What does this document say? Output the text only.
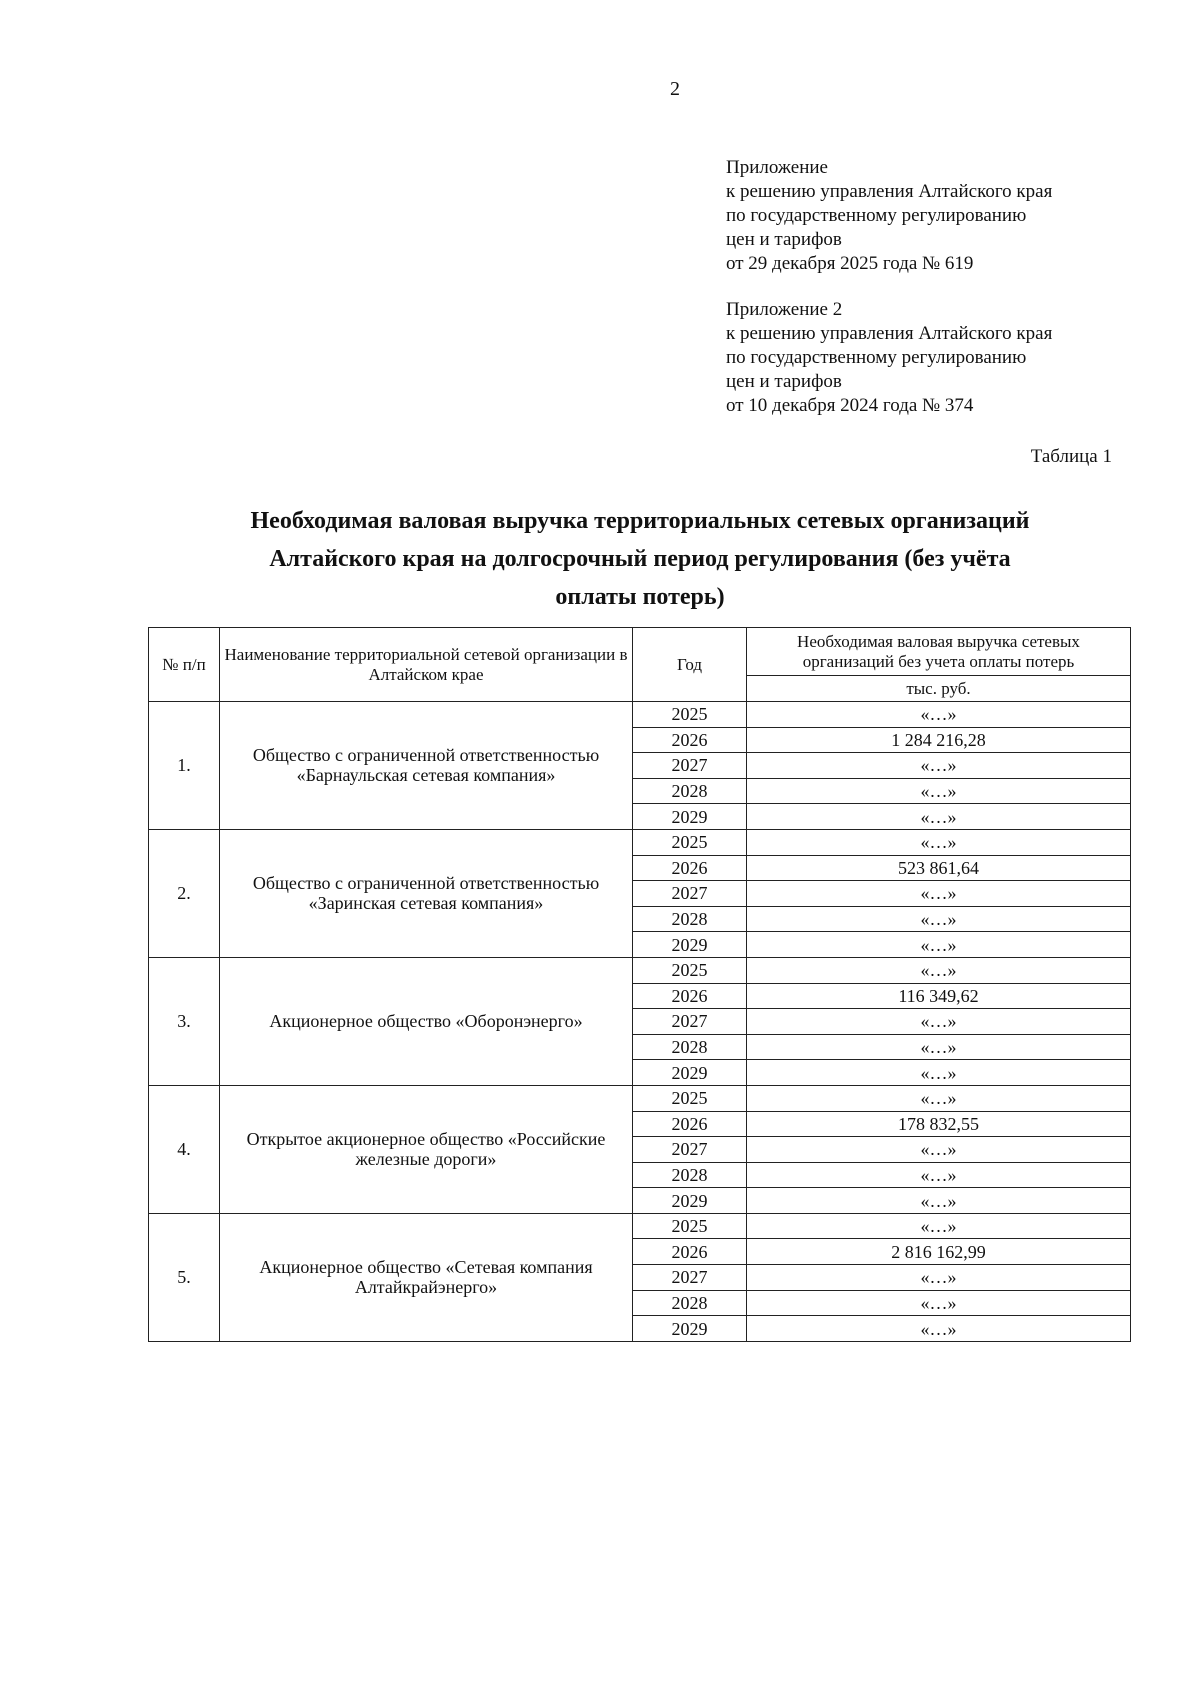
2
Приложение
к решению управления Алтайского края
по государственному регулированию
цен и тарифов
от 29 декабря 2025 года № 619
Приложение 2
к решению управления Алтайского края
по государственному регулированию
цен и тарифов
от 10 декабря 2024 года № 374
Таблица 1
Необходимая валовая выручка территориальных сетевых организаций
Алтайского края на долгосрочный период регулирования (без учёта
оплаты потерь)
№ п/п	Наименование территориальной сетевой организации в Алтайском крае	Год	Необходимая валовая выручка сетевых организаций без учета оплаты потерь
			тыс. руб.
1.	Общество с ограниченной ответственностью «Барнаульская сетевая компания»	2025	«…»
		2026	1 284 216,28
		2027	«…»
		2028	«…»
		2029	«…»
2.	Общество с ограниченной ответственностью «Заринская сетевая компания»	2025	«…»
		2026	523 861,64
		2027	«…»
		2028	«…»
		2029	«…»
3.	Акционерное общество «Оборонэнерго»	2025	«…»
		2026	116 349,62
		2027	«…»
		2028	«…»
		2029	«…»
4.	Открытое акционерное общество «Российские железные дороги»	2025	«…»
		2026	178 832,55
		2027	«…»
		2028	«…»
		2029	«…»
5.	Акционерное общество «Сетевая компания Алтайкрайэнерго»	2025	«…»
		2026	2 816 162,99
		2027	«…»
		2028	«…»
		2029	«…»
